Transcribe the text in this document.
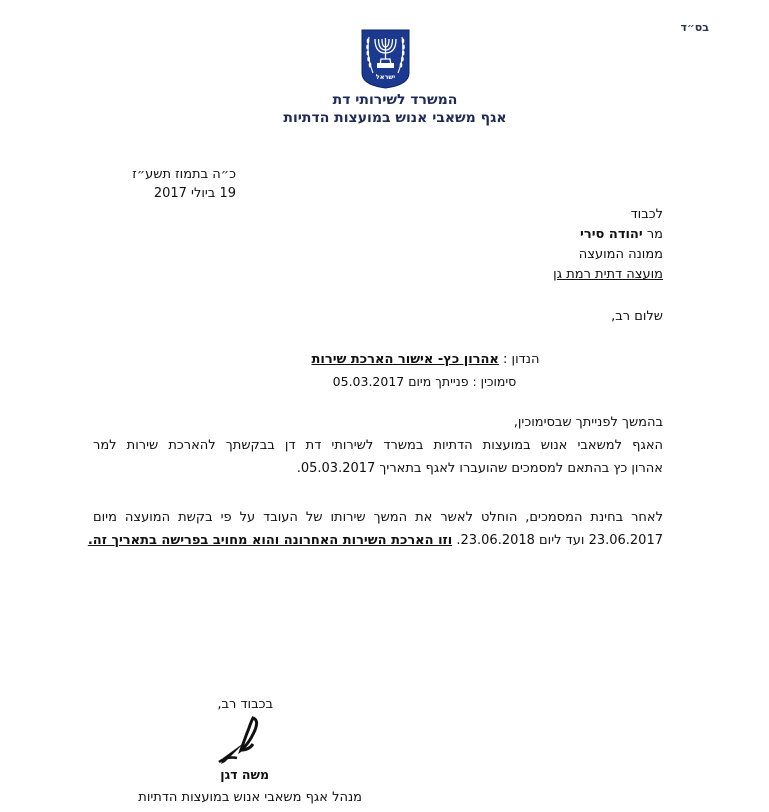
בס״ד
ישראל
המשרד לשירותי דת
אגף משאבי אנוש במועצות הדתיות
כ״ה בתמוז תשע״ז
19 ביולי 2017
לכבוד
מר יהודה סירי
ממונה המועצה
מועצה דתית רמת גן
שלום רב,
הנדון : אהרון כץ- אישור הארכת שירות
סימוכין : פנייתך מיום 05.03.2017
בהמשך לפנייתך שבסימוכין,
האגף למשאבי אנוש במועצות הדתיות במשרד לשירותי דת דן בבקשתך להארכת שירות למר
אהרון כץ בהתאם למסמכים שהועברו לאגף בתאריך 05.03.2017.
לאחר בחינת המסמכים, הוחלט לאשר את המשך שירותו של העובד על פי בקשת המועצה מיום
23.06.2017 ועד ליום 23.06.2018. וזו הארכת השירות האחרונה והוא מחויב בפרישה בתאריך זה.
בכבוד רב,
משה דגן
מנהל אגף משאבי אנוש במועצות הדתיות
